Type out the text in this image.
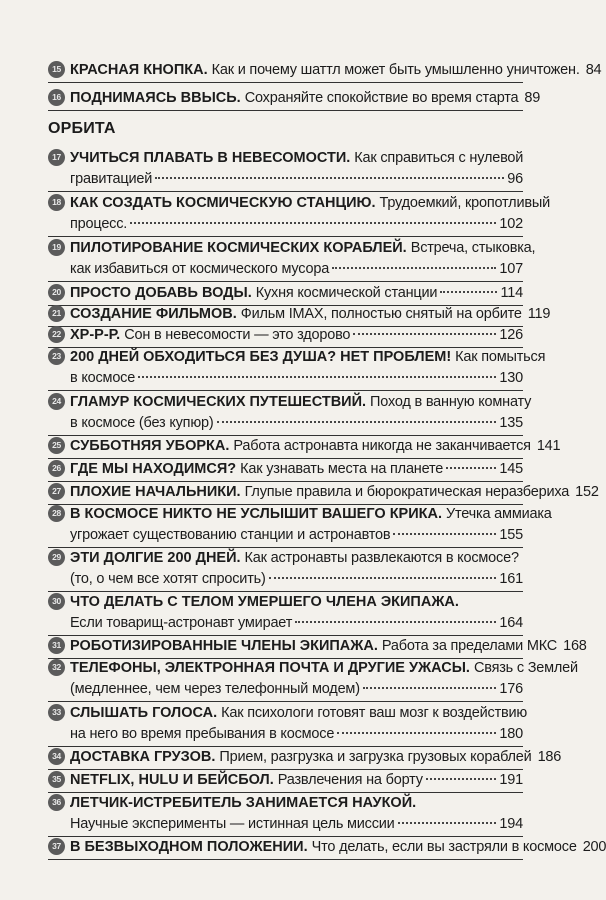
ОРБИТА
15 КРАСНАЯ КНОПКА. Как и почему шаттл может быть умышленно уничтожен. 84
16 ПОДНИМАЯСЬ ВВЫСЬ. Сохраняйте спокойствие во время старта 89
17 УЧИТЬСЯ ПЛАВАТЬ В НЕВЕСОМОСТИ. Как справиться с нулевой
гравитацией	96
18 КАК СОЗДАТЬ КОСМИЧЕСКУЮ СТАНЦИЮ. Трудоемкий, кропотливый
процесс.	102
19 ПИЛОТИРОВАНИЕ КОСМИЧЕСКИХ КОРАБЛЕЙ. Встреча, стыковка,
как избавиться от космического мусора	107
20 ПРОСТО ДОБАВЬ ВОДЫ. Кухня космической станции	114
21 СОЗДАНИЕ ФИЛЬМОВ. Фильм IMAX, полностью снятый на орбите 119
22 ХР-Р-Р. Сон в невесомости — это здорово	126
23 200 ДНЕЙ ОБХОДИТЬСЯ БЕЗ ДУША? НЕТ ПРОБЛЕМ! Как помыться
в космосе	130
24 ГЛАМУР КОСМИЧЕСКИХ ПУТЕШЕСТВИЙ. Поход в ванную комнату
в космосе (без купюр)	135
25 СУББОТНЯЯ УБОРКА. Работа астронавта никогда не заканчивается 141
26 ГДЕ МЫ НАХОДИМСЯ? Как узнавать места на планете	145
27 ПЛОХИЕ НАЧАЛЬНИКИ. Глупые правила и бюрократическая неразбериха 152
28 В КОСМОСЕ НИКТО НЕ УСЛЫШИТ ВАШЕГО КРИКА. Утечка аммиака
угрожает существованию станции и астронавтов	155
29 ЭТИ ДОЛГИЕ 200 ДНЕЙ. Как астронавты развлекаются в космосе?
(то, о чем все хотят спросить)	161
30 ЧТО ДЕЛАТЬ С ТЕЛОМ УМЕРШЕГО ЧЛЕНА ЭКИПАЖА.
Если товарищ-астронавт умирает	164
31 РОБОТИЗИРОВАННЫЕ ЧЛЕНЫ ЭКИПАЖА. Работа за пределами МКС 168
32 ТЕЛЕФОНЫ, ЭЛЕКТРОННАЯ ПОЧТА И ДРУГИЕ УЖАСЫ. Связь с Землей
(медленнее, чем через телефонный модем)	176
33 СЛЫШАТЬ ГОЛОСА. Как психологи готовят ваш мозг к воздействию
на него во время пребывания в космосе	180
34 ДОСТАВКА ГРУЗОВ. Прием, разгрузка и загрузка грузовых кораблей 186
35 NETFLIX, HULU И БЕЙСБОЛ. Развлечения на борту	191
36 ЛЕТЧИК-ИСТРЕБИТЕЛЬ ЗАНИМАЕТСЯ НАУКОЙ.
Научные эксперименты — истинная цель миссии	194
37 В БЕЗВЫХОДНОМ ПОЛОЖЕНИИ. Что делать, если вы застряли в космосе 200
